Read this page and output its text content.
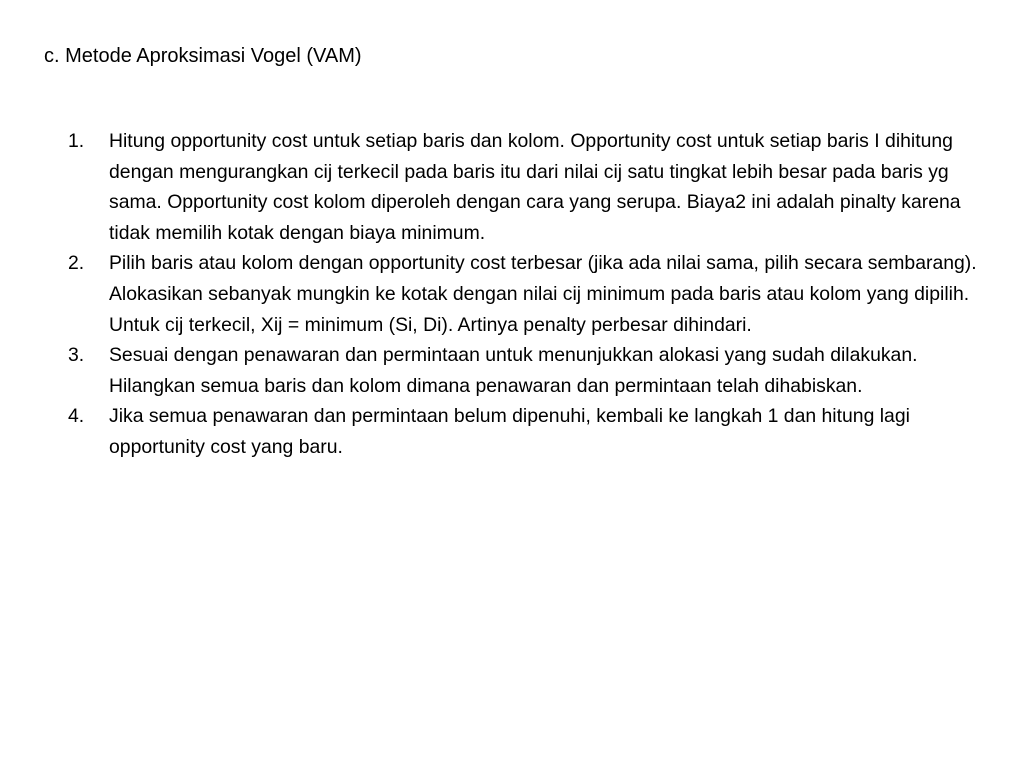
c. Metode Aproksimasi Vogel (VAM)
1. Hitung opportunity cost untuk setiap baris dan kolom. Opportunity cost untuk setiap baris I dihitung dengan mengurangkan cij terkecil pada baris itu dari nilai cij satu tingkat lebih besar pada baris yg sama. Opportunity cost kolom diperoleh dengan cara yang serupa. Biaya2 ini adalah pinalty karena tidak memilih kotak dengan biaya minimum.
2. Pilih baris atau kolom dengan opportunity cost terbesar (jika ada nilai sama, pilih secara sembarang). Alokasikan sebanyak mungkin ke kotak dengan nilai cij minimum pada baris atau kolom yang dipilih. Untuk cij terkecil, Xij = minimum (Si, Di). Artinya penalty perbesar dihindari.
3. Sesuai dengan penawaran dan permintaan untuk menunjukkan alokasi yang sudah dilakukan. Hilangkan semua baris dan kolom dimana penawaran dan permintaan telah dihabiskan.
4. Jika semua penawaran dan permintaan belum dipenuhi, kembali ke langkah 1 dan hitung lagi opportunity cost yang baru.
